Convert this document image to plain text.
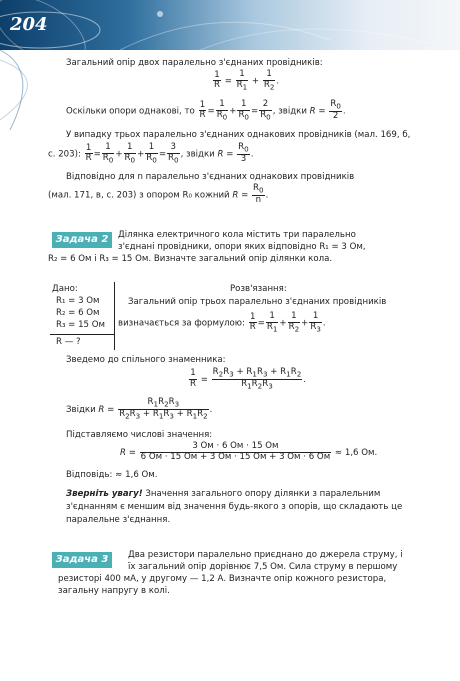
204
Загальний опір двох паралельно з'єднаних провідників:
$\frac{1}{R} = \frac{1}{R_1} + \frac{1}{R_2}$ .
Оскільки опори однакові, то $\frac{1}{R} = \frac{1}{R_0} + \frac{1}{R_0} = \frac{2}{R_0}$ , звідки $R = \frac{R_0}{2}$ .
У випадку трьох паралельно з'єднаних однакових провідників (мал. 169, б,
с. 203): $\frac{1}{R} = \frac{1}{R_0} + \frac{1}{R_0} + \frac{1}{R_0} = \frac{3}{R_0}$ , звідки $R = \frac{R_0}{3}$ .
Відповідно для n паралельно з'єднаних однакових провідників
(мал. 171, в, с. 203) з опором R₀ кожний $R = \frac{R_0}{n}$ .
Задача 2	Ділянка електричного кола містить три паралельно
з'єднані провідники, опори яких відповідно R₁ = 3 Ом,
R₂ = 6 Ом і R₃ = 15 Ом. Визначте загальний опір ділянки кола.
Дано:
R₁ = 3 Ом
R₂ = 6 Ом
R₃ = 15 Ом
R — ?
Розв'язання:
Загальний опір трьох паралельно з'єднаних провідників
визначається за формулою: $\frac{1}{R} = \frac{1}{R_1} + \frac{1}{R_2} + \frac{1}{R_3}$ .
Зведемо до спільного знаменника:
$\frac{1}{R} = \frac{R_2R_3 + R_1R_3 + R_1R_2}{R_1R_2R_3}$ .
Звідки $R = \frac{R_1R_2R_3}{R_2R_3 + R_1R_3 + R_1R_2}$ .
Підставляємо числові значення:
$R = \frac{3 Ом \cdot 6 Ом \cdot 15 Ом}{6 Ом \cdot 15 Ом + 3 Ом \cdot 15 Ом + 3 Ом \cdot 6 Ом} \approx 1,6$ Ом.
Відповідь: ≈ 1,6 Ом.
Зверніть увагу! Значення загального опору ділянки з паралельним
з'єднанням є меншим від значення будь-якого з опорів, що складають це
паралельне з'єднання.
Задача 3	Два резистори паралельно приєднано до джерела струму, і
їх загальний опір дорівнює 7,5 Ом. Сила струму в першому
резисторі 400 мА, у другому — 1,2 А. Визначте опір кожного резистора,
загальну напругу в колі.
